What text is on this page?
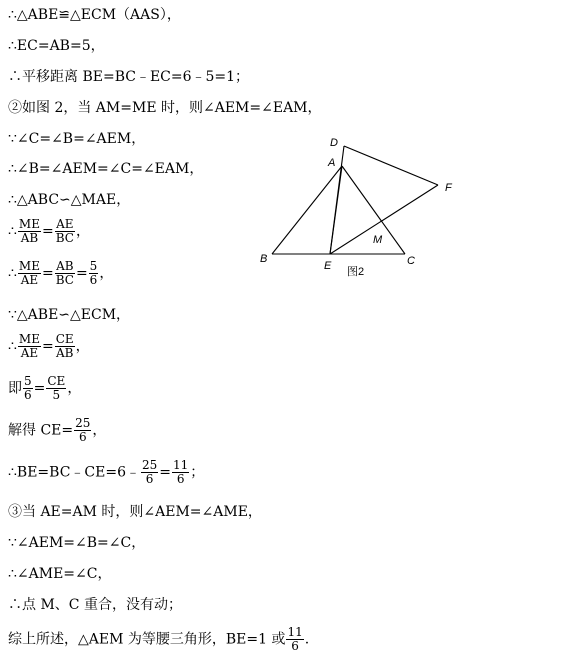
∴△ABE≌△ECM（AAS），
∴EC=AB=5，
∴平移距离 BE=BC﹣EC=6﹣5=1；
②如图 2，当 AM=ME 时，则∠AEM=∠EAM，
∵∠C=∠B=∠AEM，
∴∠B=∠AEM=∠C=∠EAM，
∴△ABC∽△MAE，
∴ $\frac{ME}{AB} = \frac{AE}{BC}$ ，
∴ $\frac{ME}{AE} = \frac{AB}{BC} = \frac{5}{6}$ ，
∵△ABE∽△ECM，
∴ $\frac{ME}{AE} = \frac{CE}{AB}$ ，
即 $\frac{5}{6} = \frac{CE}{5}$ ，
解得 $CE= \frac{25}{6}$ ，
∴BE=BC﹣CE=6﹣ $\frac{25}{6} = \frac{11}{6}$ ；
③当 AE=AM 时，则∠AEM=∠AME，
∵∠AEM=∠B=∠C，
∴∠AME=∠C，
∴点 M、C 重合，没有动；
综上所述，△AEM 为等腰三角形，BE=1 或 $\frac{11}{6}$ .
D
A
F
M
B
E	C
图2
